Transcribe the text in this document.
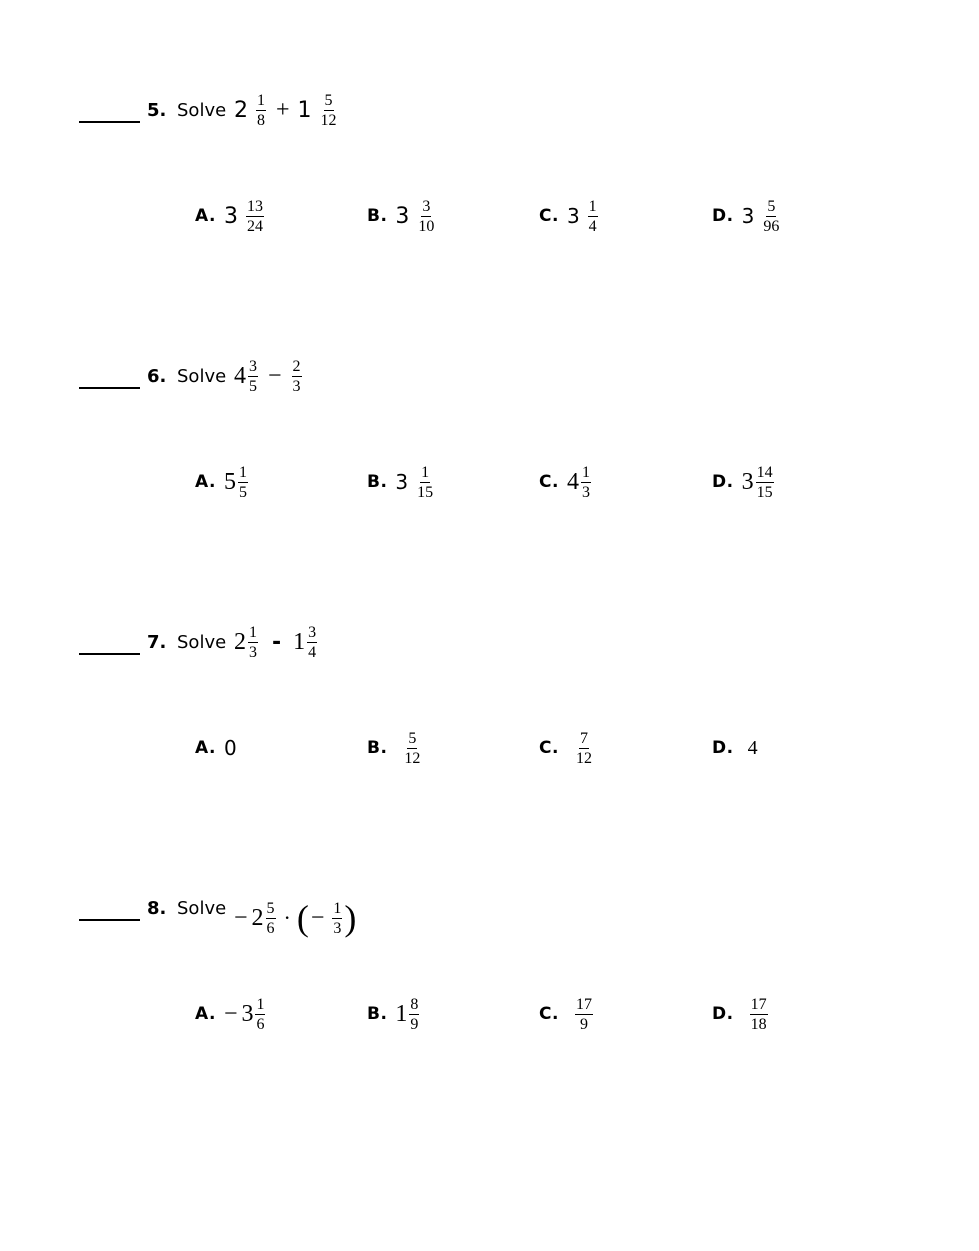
5. Solve $2 \frac{1}{8} + 1 \frac{5}{12}$
A. $3 \frac{13}{24}$	B. $3 \frac{3}{10}$	C. $3 \frac{1}{4}$	D. $3 \frac{5}{96}$
6. Solve $4 \frac{3}{5} - \frac{2}{3}$
A. $5 \frac{1}{5}$	B. $3 \frac{1}{15}$	C. $4 \frac{1}{3}$	D. $3 \frac{14}{15}$
7. Solve $2 \frac{1}{3} - 1 \frac{3}{4}$
A. 0	B. $\frac{5}{12}$	C. $\frac{7}{12}$	D. 4
8. Solve − $2 \frac{5}{6}$ · ( − $\frac{1}{3}$ )
A. − $3 \frac{1}{6}$	B. $1 \frac{8}{9}$	C. $\frac{17}{9}$	D. $\frac{17}{18}$
